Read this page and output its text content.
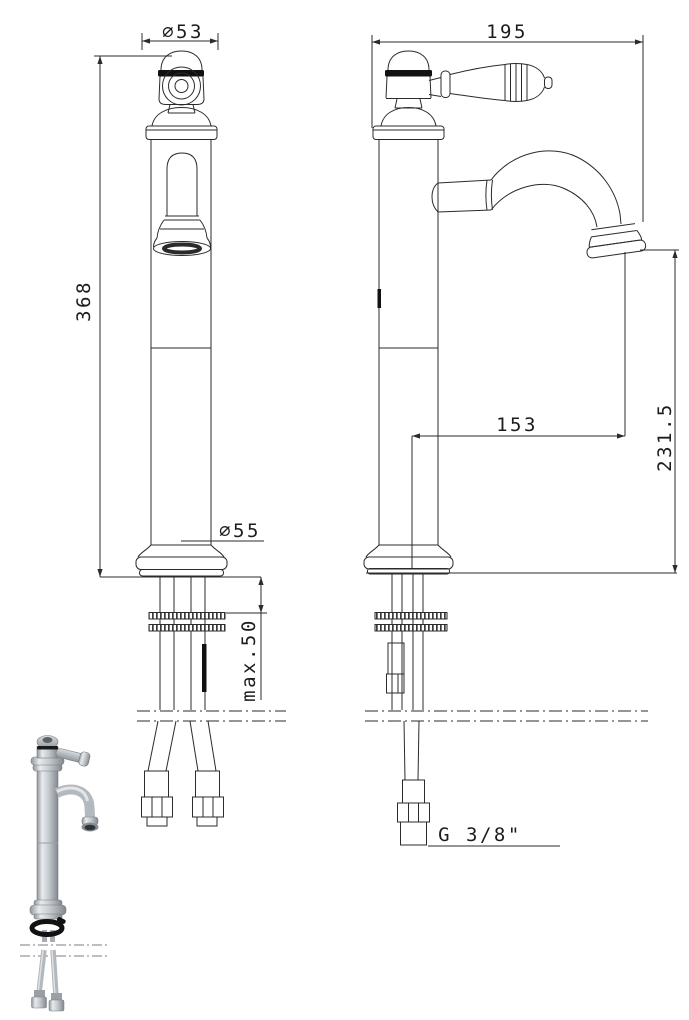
∅53	195
368
∅55
max.50
153	231.5
G 3/8"
